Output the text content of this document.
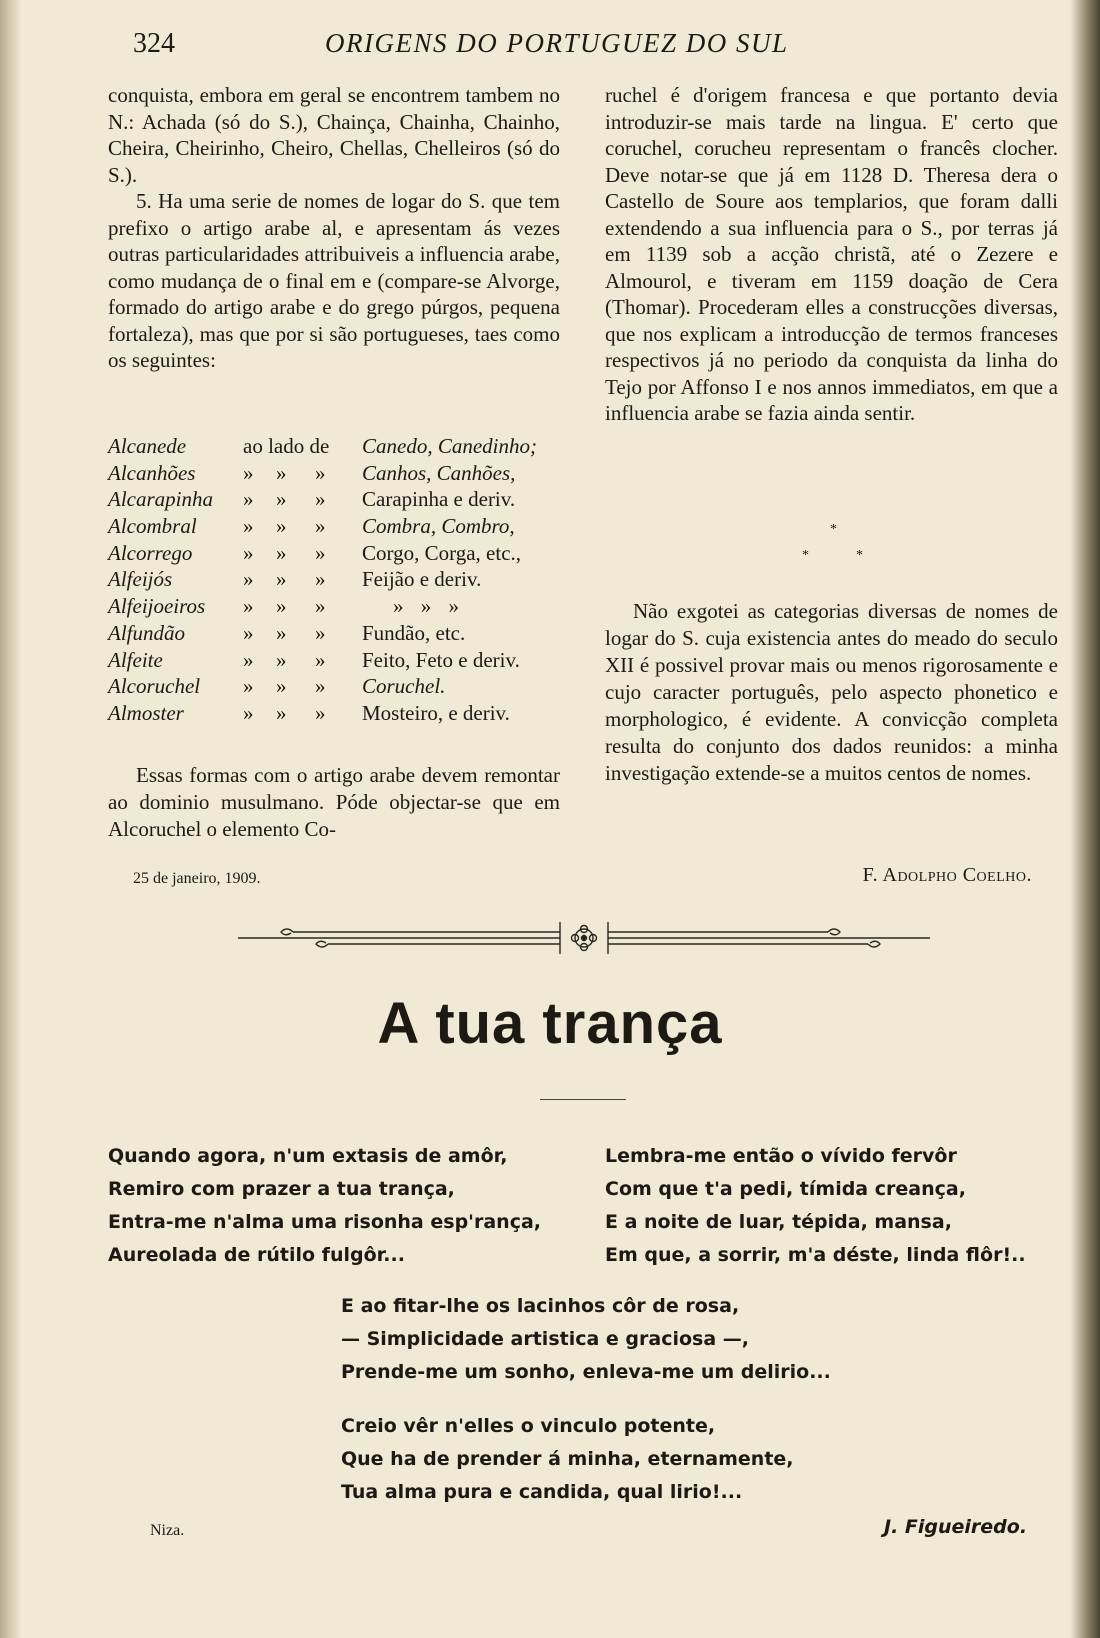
324	ORIGENS DO PORTUGUEZ DO SUL

conquista, embora em geral se encontrem tambem no N.: Achada (só do S.), Chainça, Chainha, Chainho, Cheira, Cheirinho, Cheiro, Chellas, Chelleiros (só do S.).

5. Ha uma serie de nomes de logar do S. que tem prefixo o artigo arabe al, e apresentam ás vezes outras particularidades attribuiveis a influencia arabe, como mudança de o final em e (compare-se Alvorge, formado do artigo arabe e do grego púrgos, pequena fortaleza), mas que por si são portugueses, taes como os seguintes:

Alcanede	ao lado de Canedo, Canedinho;
Alcanhões » » » Canhos, Canhões,
Alcarapinha » » » Carapinha e deriv.
Alcombral » » » Combra, Combro,
Alcorrego » » » Corgo, Corga, etc.,
Alfeijós	» » » Feijão e deriv.
Alfeijoeiros » » »	» » »
Alfundão	» » » Fundão, etc.
Alfeite	» » » Feito, Feto e deriv.
Alcoruchel » » » Coruchel.
Almoster	» » » Mosteiro, e deriv.

Essas formas com o artigo arabe devem remontar ao dominio musulmano. Póde objectar-se que em Alcoruchel o elemento Co-

ruchel é d'origem francesa e que portanto devia introduzir-se mais tarde na lingua. E' certo que coruchel, corucheu representam o francês clocher. Deve notar-se que já em 1128 D. Theresa dera o Castello de Soure aos templarios, que foram dalli extendendo a sua influencia para o S., por terras já em 1139 sob a acção christã, até o Zezere e Almourol, e tiveram em 1159 doação de Cera (Thomar). Procederam elles a construcções diversas, que nos explicam a introducção de termos franceses respectivos já no periodo da conquista da linha do Tejo por Affonso I e nos annos immediatos, em que a influencia arabe se fazia ainda sentir.

*
*	*

Não exgotei as categorias diversas de nomes de logar do S. cuja existencia antes do meado do seculo XII é possivel provar mais ou menos rigorosamente e cujo caracter português, pelo aspecto phonetico e morphologico, é evidente. A convicção completa resulta do conjunto dos dados reunidos: a minha investigação extende-se a muitos centos de nomes.

25 de janeiro, 1909.	F. Adolpho Coelho.
A tua trança
Quando agora, n'um extasis de amôr,
Remiro com prazer a tua trança,
Entra-me n'alma uma risonha esp'rança,
Aureolada de rútilo fulgôr...
Lembra-me então o vívido fervôr
Com que t'a pedi, tímida creança,
E a noite de luar, tépida, mansa,
Em que, a sorrir, m'a déste, linda flôr!..
E ao fitar-lhe os lacinhos côr de rosa,
— Simplicidade artistica e graciosa —,
Prende-me um sonho, enleva-me um delirio...
Creio vêr n'elles o vinculo potente,
Que ha de prender á minha, eternamente,
Tua alma pura e candida, qual lirio!...
Niza.	J. Figueiredo.
